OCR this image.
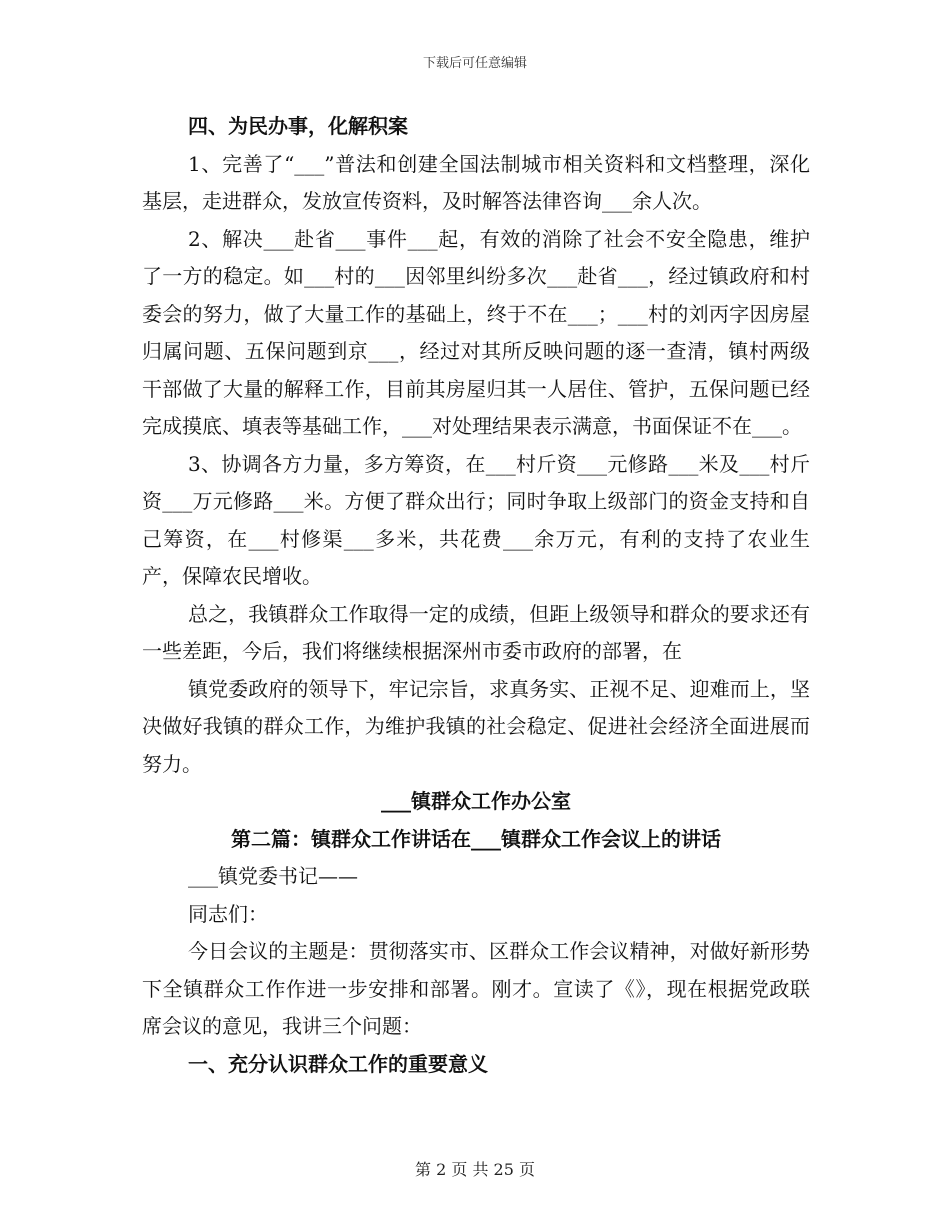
下载后可任意编辑

四、为民办事，化解积案

1、完善了“___”普法和创建全国法制城市相关资料和文档整理，深化基层，走进群众，发放宣传资料，及时解答法律咨询___余人次。

2、解决___赴省___事件___起，有效的消除了社会不安全隐患，维护了一方的稳定。如___村的___因邻里纠纷多次___赴省___，经过镇政府和村委会的努力，做了大量工作的基础上，终于不在___；___村的刘丙字因房屋归属问题、五保问题到京___，经过对其所反映问题的逐一查清，镇村两级干部做了大量的解释工作，目前其房屋归其一人居住、管护，五保问题已经完成摸底、填表等基础工作，___对处理结果表示满意，书面保证不在___。

3、协调各方力量，多方筹资，在___村斤资___元修路___米及___村斤资___万元修路___米。方便了群众出行；同时争取上级部门的资金支持和自己筹资，在___村修渠___多米，共花费___余万元，有利的支持了农业生产，保障农民增收。

总之，我镇群众工作取得一定的成绩，但距上级领导和群众的要求还有一些差距，今后，我们将继续根据深州市委市政府的部署，在

镇党委政府的领导下，牢记宗旨，求真务实、正视不足、迎难而上，坚决做好我镇的群众工作，为维护我镇的社会稳定、促进社会经济全面进展而努力。

___镇群众工作办公室

第二篇：镇群众工作讲话在___镇群众工作会议上的讲话

___镇党委书记——

同志们：

今日会议的主题是：贯彻落实市、区群众工作会议精神，对做好新形势下全镇群众工作作进一步安排和部署。刚才。宣读了《》，现在根据党政联席会议的意见，我讲三个问题：

一、充分认识群众工作的重要意义

第 2 页 共 25 页
